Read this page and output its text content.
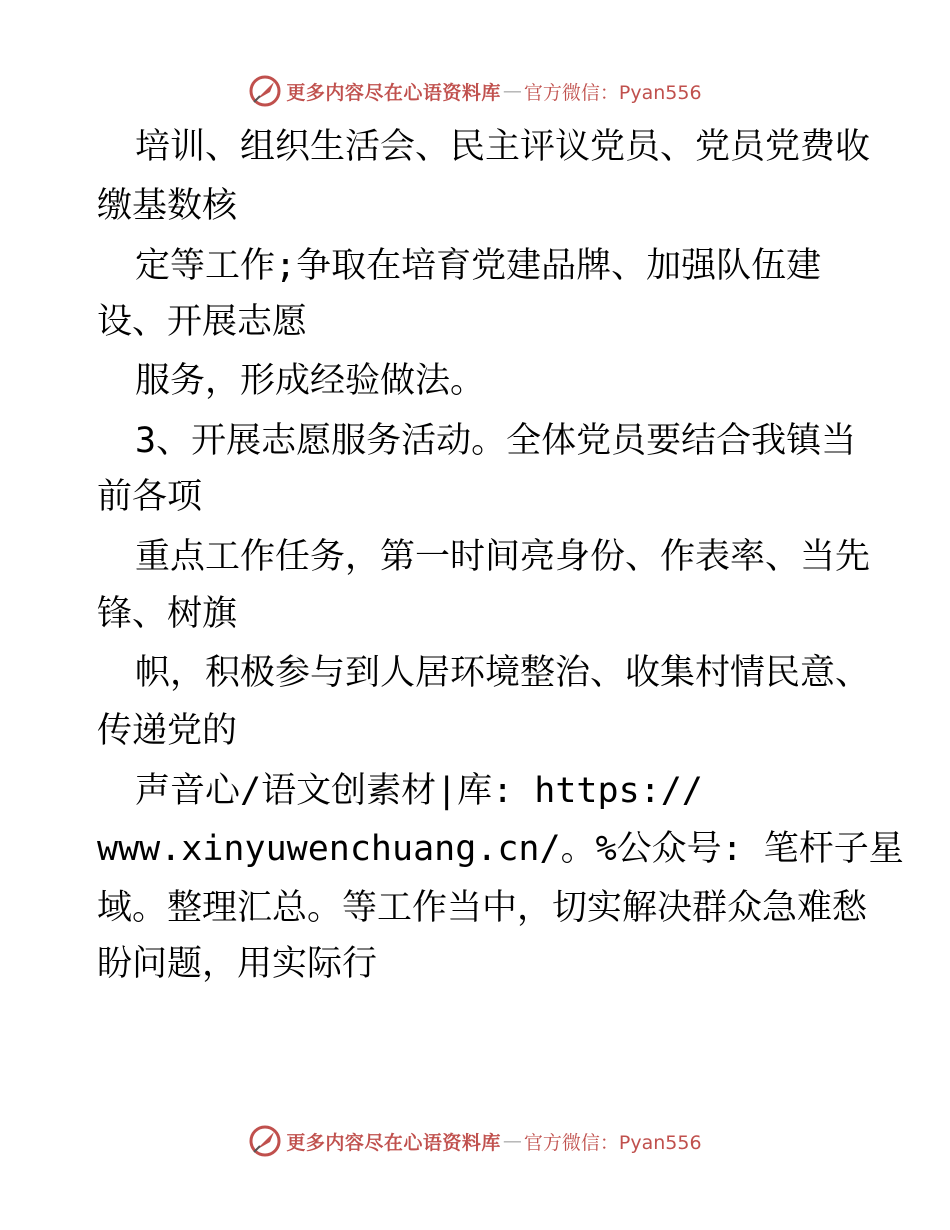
更多内容尽在心语资料库 — 官方微信：Pyan556
培训、组织生活会、民主评议党员、党员党费收
缴基数核
定等工作;争取在培育党建品牌、加强队伍建
设、开展志愿
服务，形成经验做法。
3、开展志愿服务活动。全体党员要结合我镇当
前各项
重点工作任务，第一时间亮身份、作表率、当先
锋、树旗
帜，积极参与到人居环境整治、收集村情民意、
传递党的
声音心/语文创素材|库: https://
www.xinyuwenchuang.cn/。%公众号: 笔杆子星
域。整理汇总。等工作当中，切实解决群众急难愁
盼问题，用实际行
更多内容尽在心语资料库 — 官方微信：Pyan556
